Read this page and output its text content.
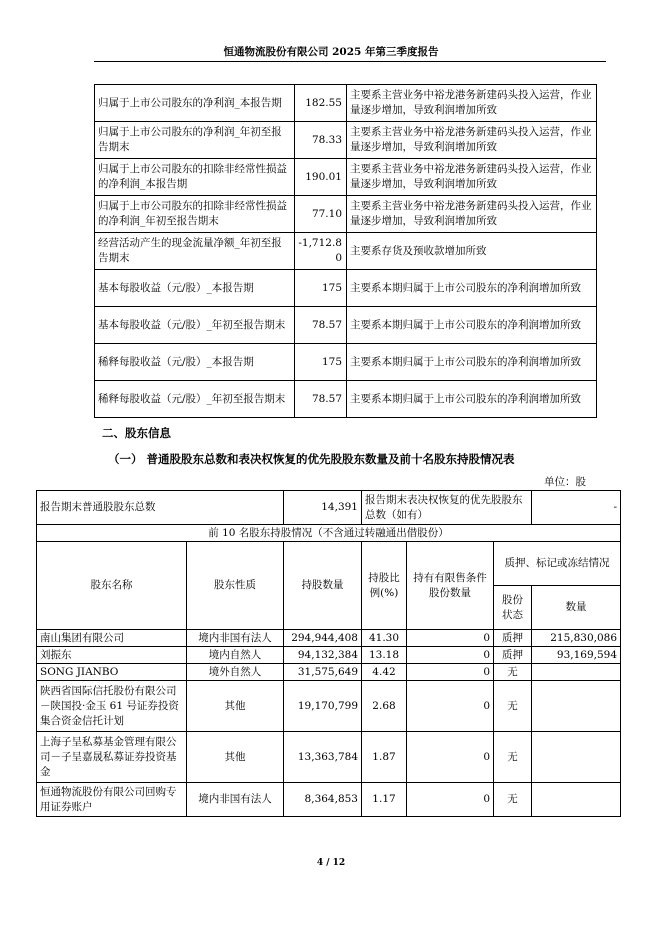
恒通物流股份有限公司 2025 年第三季度报告
归属于上市公司股东的净利润_本报告期	182.55	主要系主营业务中裕龙港务新建码头投入运营，作业量逐步增加，导致利润增加所致
归属于上市公司股东的净利润_年初至报告期末	78.33	主要系主营业务中裕龙港务新建码头投入运营，作业量逐步增加，导致利润增加所致
归属于上市公司股东的扣除非经常性损益的净利润_本报告期	190.01	主要系主营业务中裕龙港务新建码头投入运营，作业量逐步增加，导致利润增加所致
归属于上市公司股东的扣除非经常性损益的净利润_年初至报告期末	77.10	主要系主营业务中裕龙港务新建码头投入运营，作业量逐步增加，导致利润增加所致
经营活动产生的现金流量净额_年初至报告期末	-1,712.80	主要系存货及预收款增加所致
基本每股收益（元/股）_本报告期	175	主要系本期归属于上市公司股东的净利润增加所致
基本每股收益（元/股）_年初至报告期末	78.57	主要系本期归属于上市公司股东的净利润增加所致
稀释每股收益（元/股）_本报告期	175	主要系本期归属于上市公司股东的净利润增加所致
稀释每股收益（元/股）_年初至报告期末	78.57	主要系本期归属于上市公司股东的净利润增加所致
二、股东信息
（一） 普通股股东总数和表决权恢复的优先股股东数量及前十名股东持股情况表
单位：股
报告期末普通股股东总数		14,391	报告期末表决权恢复的优先股股东总数（如有）			-
前 10 名股东持股情况（不含通过转融通出借股份）						
股东名称	股东性质	持股数量	持股比例(%)	持有有限售条件股份数量	质押、标记或冻结情况	
					股份状态	数量
南山集团有限公司	境内非国有法人	294,944,408	41.30	0	质押	215,830,086
刘振东	境内自然人	94,132,384	13.18	0	质押	93,169,594
SONG JIANBO	境外自然人	31,575,649	4.42	0	无	
陕西省国际信托股份有限公司－陕国投·金玉 61 号证券投资集合资金信托计划	其他	19,170,799	2.68	0	无	
上海子呈私募基金管理有限公司－子呈嘉晟私募证券投资基金	其他	13,363,784	1.87	0	无	
恒通物流股份有限公司回购专用证券账户	境内非国有法人	8,364,853	1.17	0	无	
4 / 12
